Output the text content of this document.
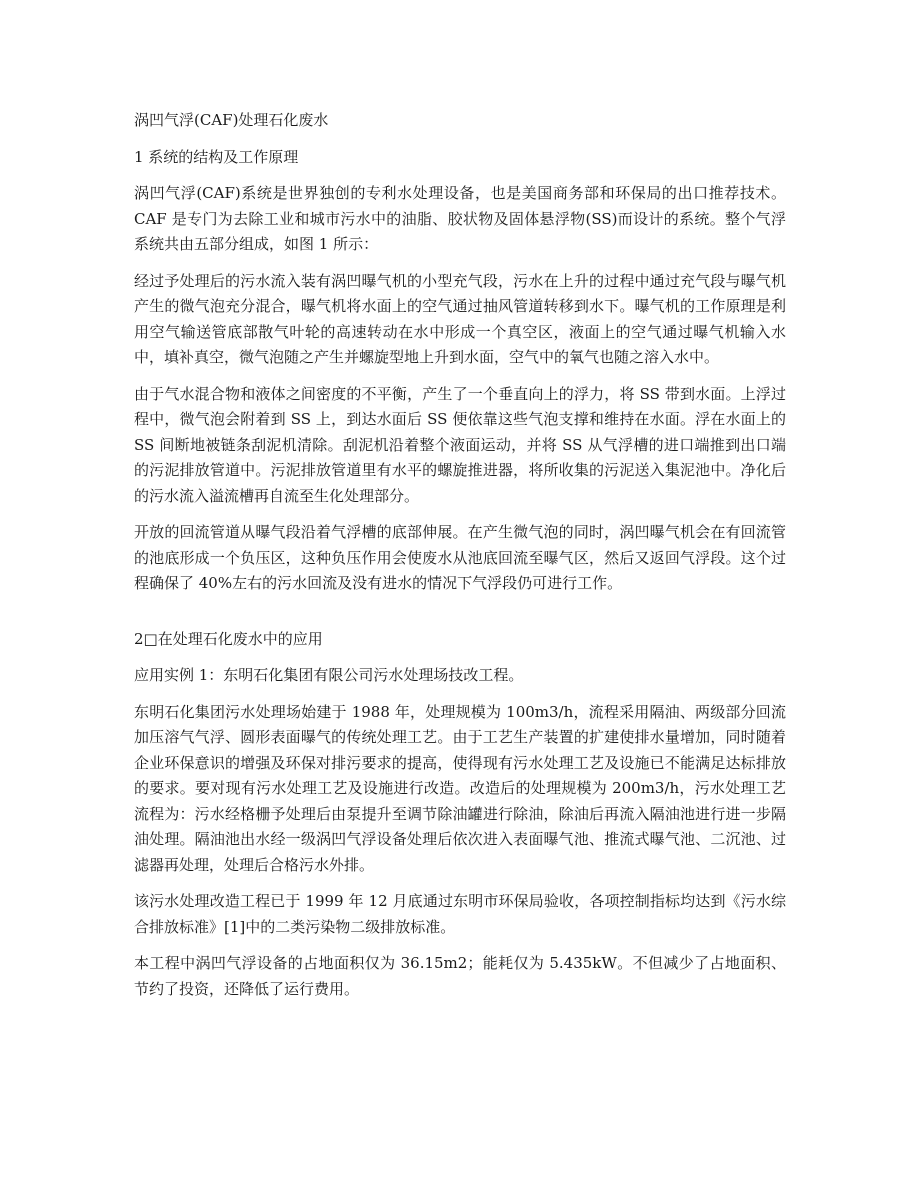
涡凹气浮(CAF)处理石化废水

1 系统的结构及工作原理

涡凹气浮(CAF)系统是世界独创的专利水处理设备，也是美国商务部和环保局的出口推荐技术。CAF 是专门为去除工业和城市污水中的油脂、胶状物及固体悬浮物(SS)而设计的系统。整个气浮系统共由五部分组成，如图 1 所示：

经过予处理后的污水流入装有涡凹曝气机的小型充气段，污水在上升的过程中通过充气段与曝气机产生的微气泡充分混合，曝气机将水面上的空气通过抽风管道转移到水下。曝气机的工作原理是利用空气输送管底部散气叶轮的高速转动在水中形成一个真空区，液面上的空气通过曝气机输入水中，填补真空，微气泡随之产生并螺旋型地上升到水面，空气中的氧气也随之溶入水中。

由于气水混合物和液体之间密度的不平衡，产生了一个垂直向上的浮力，将 SS 带到水面。上浮过程中，微气泡会附着到 SS 上，到达水面后 SS 便依靠这些气泡支撑和维持在水面。浮在水面上的 SS 间断地被链条刮泥机清除。刮泥机沿着整个液面运动，并将 SS 从气浮槽的进口端推到出口端的污泥排放管道中。污泥排放管道里有水平的螺旋推进器，将所收集的污泥送入集泥池中。净化后的污水流入溢流槽再自流至生化处理部分。

开放的回流管道从曝气段沿着气浮槽的底部伸展。在产生微气泡的同时，涡凹曝气机会在有回流管的池底形成一个负压区，这种负压作用会使废水从池底回流至曝气区，然后又返回气浮段。这个过程确保了 40%左右的污水回流及没有进水的情况下气浮段仍可进行工作。

2□在处理石化废水中的应用

应用实例 1：东明石化集团有限公司污水处理场技改工程。

东明石化集团污水处理场始建于 1988 年，处理规模为 100m3/h，流程采用隔油、两级部分回流加压溶气气浮、圆形表面曝气的传统处理工艺。由于工艺生产装置的扩建使排水量增加，同时随着企业环保意识的增强及环保对排污要求的提高，使得现有污水处理工艺及设施已不能满足达标排放的要求。要对现有污水处理工艺及设施进行改造。改造后的处理规模为 200m3/h，污水处理工艺流程为：污水经格栅予处理后由泵提升至调节除油罐进行除油，除油后再流入隔油池进行进一步隔油处理。隔油池出水经一级涡凹气浮设备处理后依次进入表面曝气池、推流式曝气池、二沉池、过滤器再处理，处理后合格污水外排。

该污水处理改造工程已于 1999 年 12 月底通过东明市环保局验收，各项控制指标均达到《污水综合排放标准》[1]中的二类污染物二级排放标准。

本工程中涡凹气浮设备的占地面积仅为 36.15m2；能耗仅为 5.435kW。不但减少了占地面积、节约了投资，还降低了运行费用。
